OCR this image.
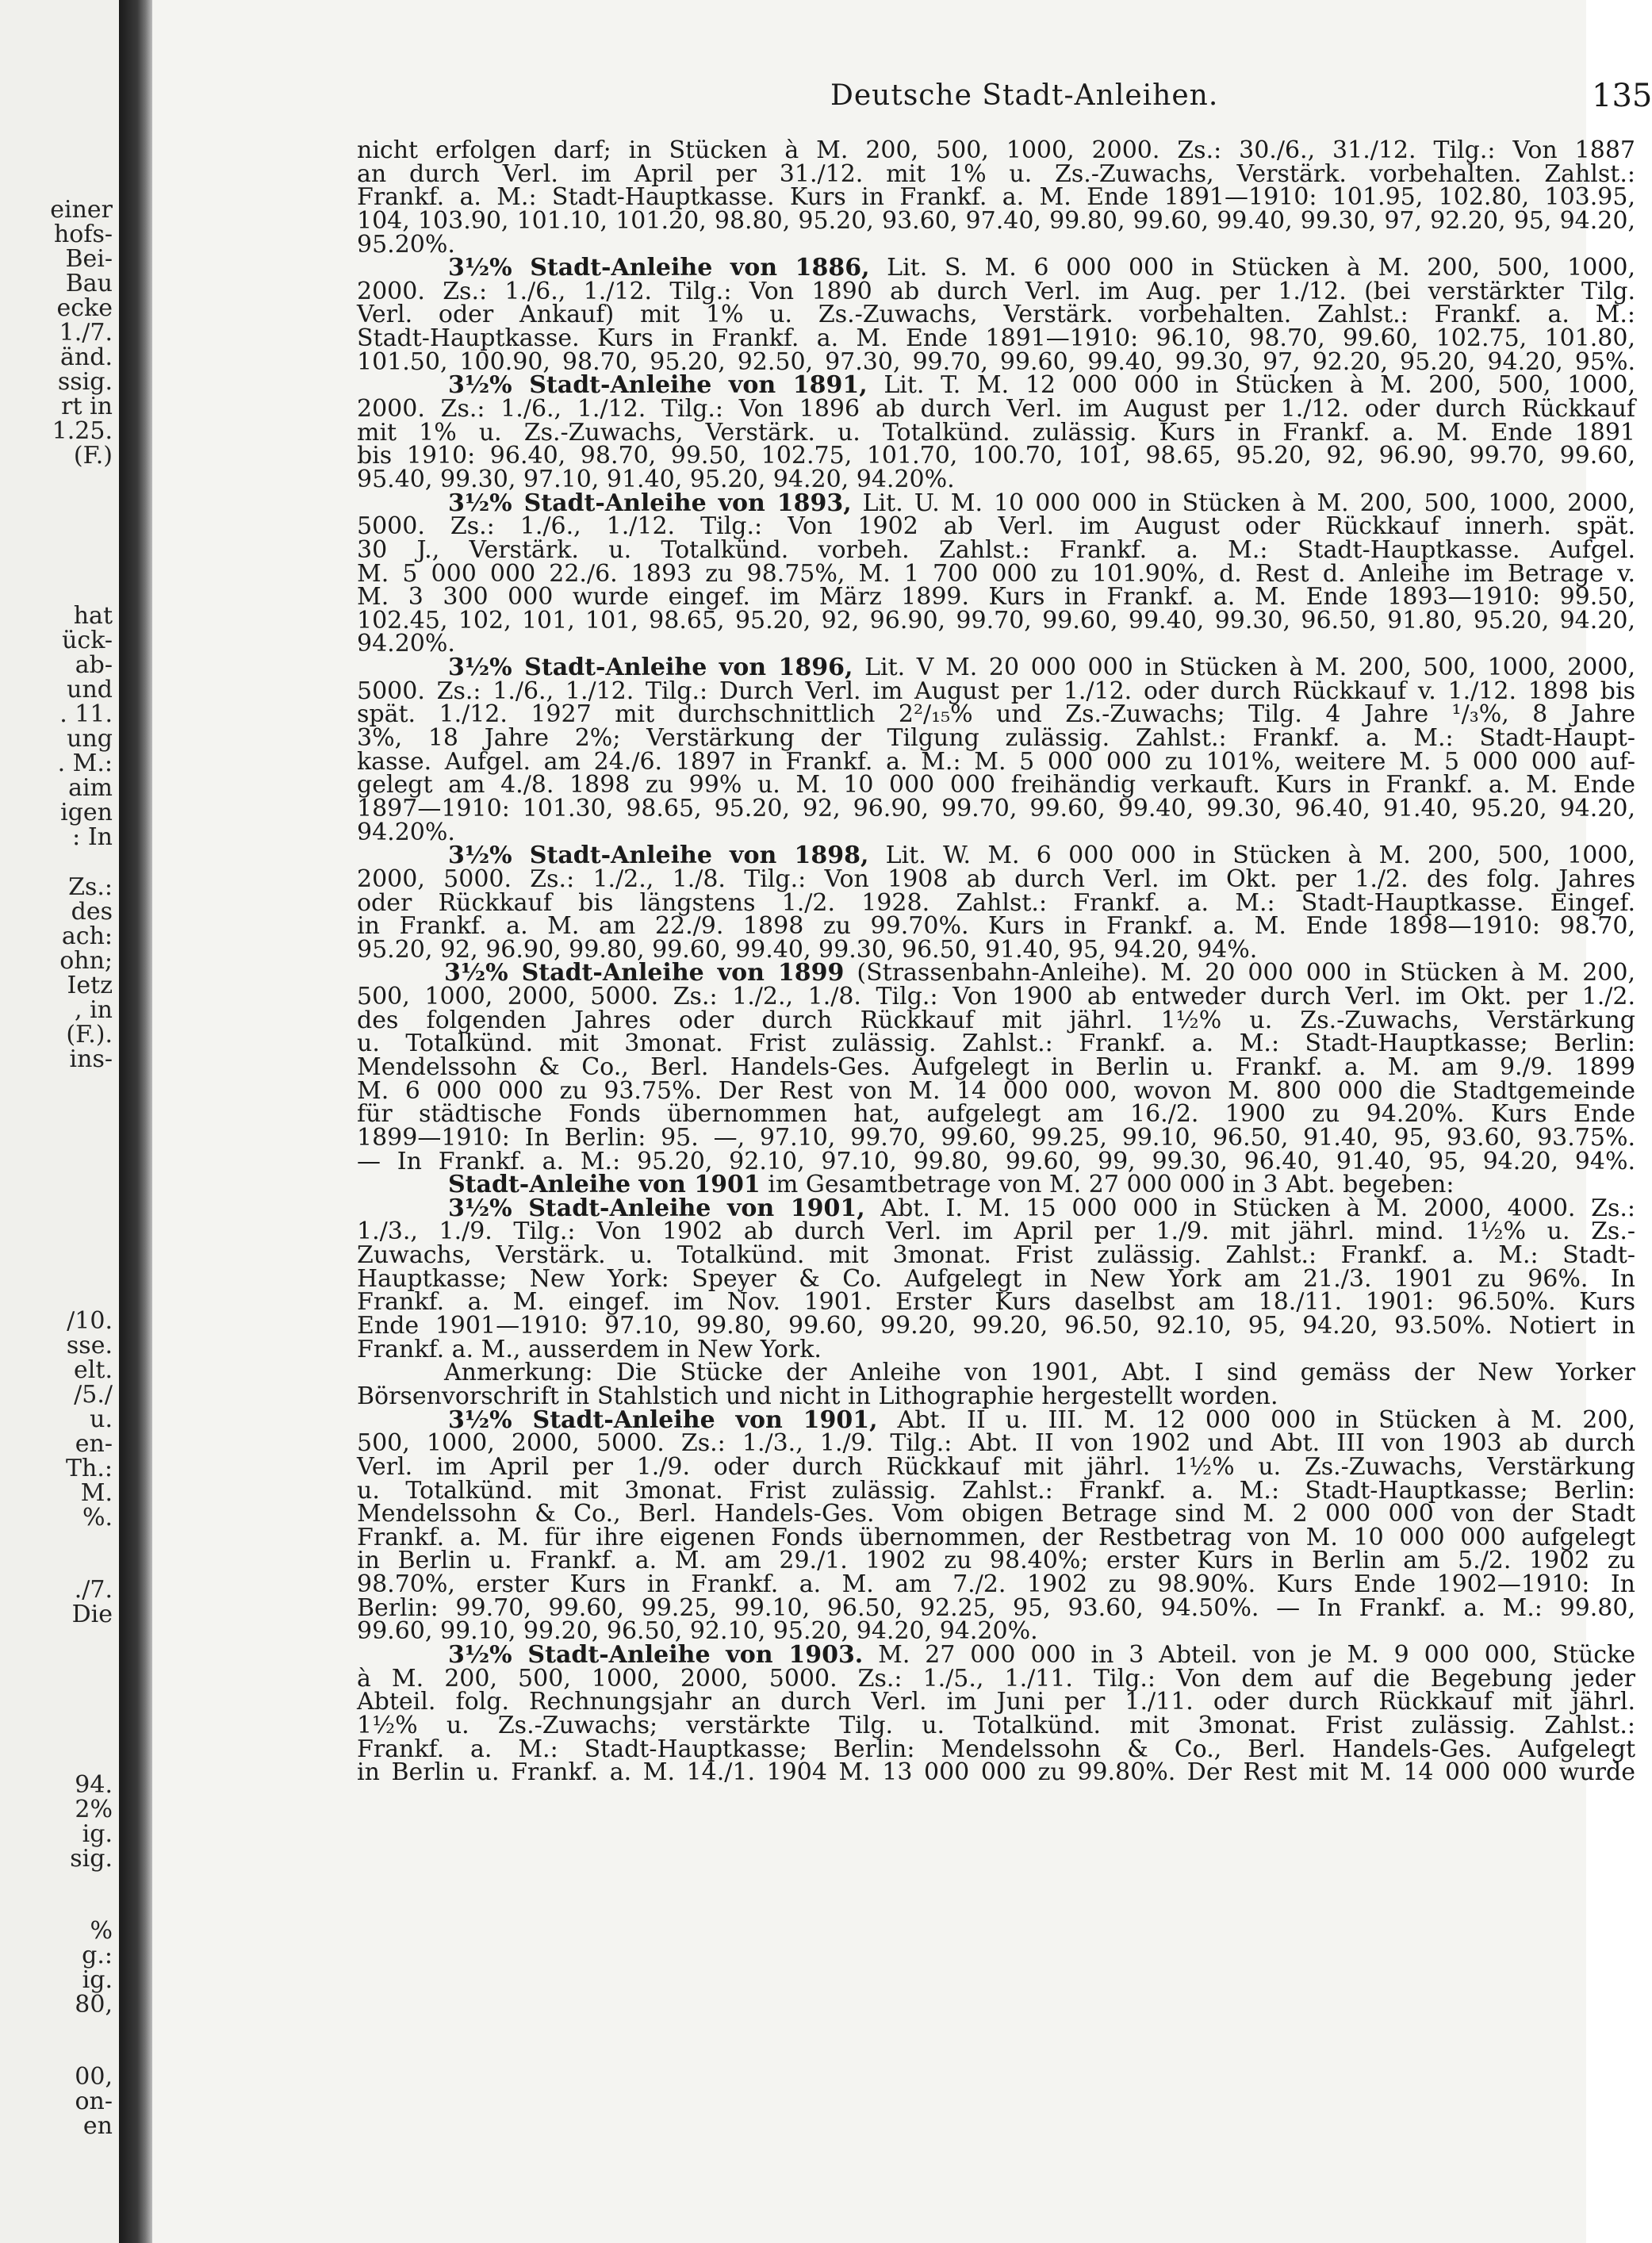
einer
hofs-
Bei-
Bau
ecke
1./7.
änd.
ssig.
rt in
1.25.
(F.)
hat
ück-
ab-
und
. 11.
ung
. M.:
aim
igen
: In
Zs.:
des
ach:
ohn;
Ietz
, in
(F.).
ins-
/10.
sse.
elt.
/5./
u.
en-
Th.:
M.
%.
./7.
Die
94.
2%
ig.
sig.
%
g.:
ig.
80,
00,
on-
en
Deutsche Stadt-Anleihen.	135
nicht erfolgen darf; in Stücken à M. 200, 500, 1000, 2000. Zs.: 30./6., 31./12. Tilg.: Von 1887
an durch Verl. im April per 31./12. mit 1% u. Zs.-Zuwachs, Verstärk. vorbehalten. Zahlst.:
Frankf. a. M.: Stadt-Hauptkasse. Kurs in Frankf. a. M. Ende 1891—1910: 101.95, 102.80, 103.95,
104, 103.90, 101.10, 101.20, 98.80, 95.20, 93.60, 97.40, 99.80, 99.60, 99.40, 99.30, 97, 92.20, 95, 94.20,
95.20%.
3½% Stadt-Anleihe von 1886, Lit. S. M. 6 000 000 in Stücken à M. 200, 500, 1000,
2000. Zs.: 1./6., 1./12. Tilg.: Von 1890 ab durch Verl. im Aug. per 1./12. (bei verstärkter Tilg.
Verl. oder Ankauf) mit 1% u. Zs.-Zuwachs, Verstärk. vorbehalten. Zahlst.: Frankf. a. M.:
Stadt-Hauptkasse. Kurs in Frankf. a. M. Ende 1891—1910: 96.10, 98.70, 99.60, 102.75, 101.80,
101.50, 100.90, 98.70, 95.20, 92.50, 97.30, 99.70, 99.60, 99.40, 99.30, 97, 92.20, 95.20, 94.20, 95%.
3½% Stadt-Anleihe von 1891, Lit. T. M. 12 000 000 in Stücken à M. 200, 500, 1000,
2000. Zs.: 1./6., 1./12. Tilg.: Von 1896 ab durch Verl. im August per 1./12. oder durch Rückkauf
mit 1% u. Zs.-Zuwachs, Verstärk. u. Totalkünd. zulässig. Kurs in Frankf. a. M. Ende 1891
bis 1910: 96.40, 98.70, 99.50, 102.75, 101.70, 100.70, 101, 98.65, 95.20, 92, 96.90, 99.70, 99.60,
95.40, 99.30, 97.10, 91.40, 95.20, 94.20, 94.20%.
3½% Stadt-Anleihe von 1893, Lit. U. M. 10 000 000 in Stücken à M. 200, 500, 1000, 2000,
5000. Zs.: 1./6., 1./12. Tilg.: Von 1902 ab Verl. im August oder Rückkauf innerh. spät.
30 J., Verstärk. u. Totalkünd. vorbeh. Zahlst.: Frankf. a. M.: Stadt-Hauptkasse. Aufgel.
M. 5 000 000 22./6. 1893 zu 98.75%, M. 1 700 000 zu 101.90%, d. Rest d. Anleihe im Betrage v.
M. 3 300 000 wurde eingef. im März 1899. Kurs in Frankf. a. M. Ende 1893—1910: 99.50,
102.45, 102, 101, 101, 98.65, 95.20, 92, 96.90, 99.70, 99.60, 99.40, 99.30, 96.50, 91.80, 95.20, 94.20,
94.20%.
3½% Stadt-Anleihe von 1896, Lit. V M. 20 000 000 in Stücken à M. 200, 500, 1000, 2000,
5000. Zs.: 1./6., 1./12. Tilg.: Durch Verl. im August per 1./12. oder durch Rückkauf v. 1./12. 1898 bis
spät. 1./12. 1927 mit durchschnittlich 2²/₁₅% und Zs.-Zuwachs; Tilg. 4 Jahre ¹/₃%, 8 Jahre
3%, 18 Jahre 2%; Verstärkung der Tilgung zulässig. Zahlst.: Frankf. a. M.: Stadt-Haupt-
kasse. Aufgel. am 24./6. 1897 in Frankf. a. M.: M. 5 000 000 zu 101%, weitere M. 5 000 000 auf-
gelegt am 4./8. 1898 zu 99% u. M. 10 000 000 freihändig verkauft. Kurs in Frankf. a. M. Ende
1897—1910: 101.30, 98.65, 95.20, 92, 96.90, 99.70, 99.60, 99.40, 99.30, 96.40, 91.40, 95.20, 94.20,
94.20%.
3½% Stadt-Anleihe von 1898, Lit. W. M. 6 000 000 in Stücken à M. 200, 500, 1000,
2000, 5000. Zs.: 1./2., 1./8. Tilg.: Von 1908 ab durch Verl. im Okt. per 1./2. des folg. Jahres
oder Rückkauf bis längstens 1./2. 1928. Zahlst.: Frankf. a. M.: Stadt-Hauptkasse. Eingef.
in Frankf. a. M. am 22./9. 1898 zu 99.70%. Kurs in Frankf. a. M. Ende 1898—1910: 98.70,
95.20, 92, 96.90, 99.80, 99.60, 99.40, 99.30, 96.50, 91.40, 95, 94.20, 94%.
3½% Stadt-Anleihe von 1899 (Strassenbahn-Anleihe). M. 20 000 000 in Stücken à M. 200,
500, 1000, 2000, 5000. Zs.: 1./2., 1./8. Tilg.: Von 1900 ab entweder durch Verl. im Okt. per 1./2.
des folgenden Jahres oder durch Rückkauf mit jährl. 1½% u. Zs.-Zuwachs, Verstärkung
u. Totalkünd. mit 3monat. Frist zulässig. Zahlst.: Frankf. a. M.: Stadt-Hauptkasse; Berlin:
Mendelssohn & Co., Berl. Handels-Ges. Aufgelegt in Berlin u. Frankf. a. M. am 9./9. 1899
M. 6 000 000 zu 93.75%. Der Rest von M. 14 000 000, wovon M. 800 000 die Stadtgemeinde
für städtische Fonds übernommen hat, aufgelegt am 16./2. 1900 zu 94.20%. Kurs Ende
1899—1910: In Berlin: 95. —, 97.10, 99.70, 99.60, 99.25, 99.10, 96.50, 91.40, 95, 93.60, 93.75%.
— In Frankf. a. M.: 95.20, 92.10, 97.10, 99.80, 99.60, 99, 99.30, 96.40, 91.40, 95, 94.20, 94%.
Stadt-Anleihe von 1901 im Gesamtbetrage von M. 27 000 000 in 3 Abt. begeben:
3½% Stadt-Anleihe von 1901, Abt. I. M. 15 000 000 in Stücken à M. 2000, 4000. Zs.:
1./3., 1./9. Tilg.: Von 1902 ab durch Verl. im April per 1./9. mit jährl. mind. 1½% u. Zs.-
Zuwachs, Verstärk. u. Totalkünd. mit 3monat. Frist zulässig. Zahlst.: Frankf. a. M.: Stadt-
Hauptkasse; New York: Speyer & Co. Aufgelegt in New York am 21./3. 1901 zu 96%. In
Frankf. a. M. eingef. im Nov. 1901. Erster Kurs daselbst am 18./11. 1901: 96.50%. Kurs
Ende 1901—1910: 97.10, 99.80, 99.60, 99.20, 99.20, 96.50, 92.10, 95, 94.20, 93.50%. Notiert in
Frankf. a. M., ausserdem in New York.
Anmerkung: Die Stücke der Anleihe von 1901, Abt. I sind gemäss der New Yorker
Börsenvorschrift in Stahlstich und nicht in Lithographie hergestellt worden.
3½% Stadt-Anleihe von 1901, Abt. II u. III. M. 12 000 000 in Stücken à M. 200,
500, 1000, 2000, 5000. Zs.: 1./3., 1./9. Tilg.: Abt. II von 1902 und Abt. III von 1903 ab durch
Verl. im April per 1./9. oder durch Rückkauf mit jährl. 1½% u. Zs.-Zuwachs, Verstärkung
u. Totalkünd. mit 3monat. Frist zulässig. Zahlst.: Frankf. a. M.: Stadt-Hauptkasse; Berlin:
Mendelssohn & Co., Berl. Handels-Ges. Vom obigen Betrage sind M. 2 000 000 von der Stadt
Frankf. a. M. für ihre eigenen Fonds übernommen, der Restbetrag von M. 10 000 000 aufgelegt
in Berlin u. Frankf. a. M. am 29./1. 1902 zu 98.40%; erster Kurs in Berlin am 5./2. 1902 zu
98.70%, erster Kurs in Frankf. a. M. am 7./2. 1902 zu 98.90%. Kurs Ende 1902—1910: In
Berlin: 99.70, 99.60, 99.25, 99.10, 96.50, 92.25, 95, 93.60, 94.50%. — In Frankf. a. M.: 99.80,
99.60, 99.10, 99.20, 96.50, 92.10, 95.20, 94.20, 94.20%.
3½% Stadt-Anleihe von 1903. M. 27 000 000 in 3 Abteil. von je M. 9 000 000, Stücke
à M. 200, 500, 1000, 2000, 5000. Zs.: 1./5., 1./11. Tilg.: Von dem auf die Begebung jeder
Abteil. folg. Rechnungsjahr an durch Verl. im Juni per 1./11. oder durch Rückkauf mit jährl.
1½% u. Zs.-Zuwachs; verstärkte Tilg. u. Totalkünd. mit 3monat. Frist zulässig. Zahlst.:
Frankf. a. M.: Stadt-Hauptkasse; Berlin: Mendelssohn & Co., Berl. Handels-Ges. Aufgelegt
in Berlin u. Frankf. a. M. 14./1. 1904 M. 13 000 000 zu 99.80%. Der Rest mit M. 14 000 000 wurde
